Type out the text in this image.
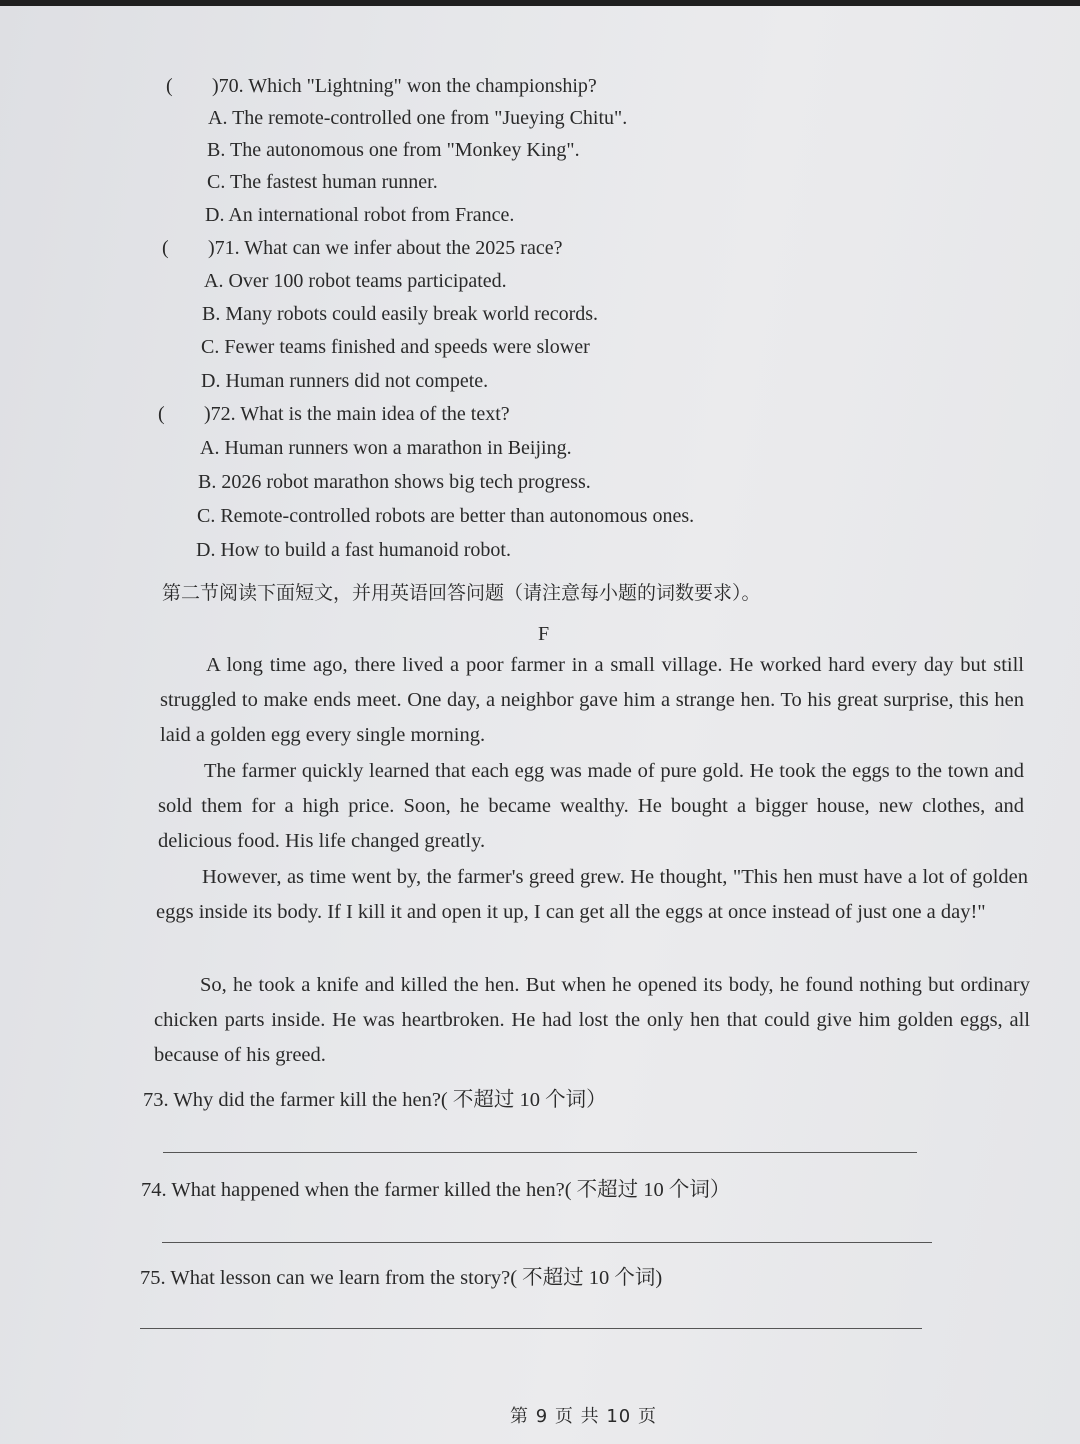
( )70. Which "Lightning" won the championship?
A. The remote-controlled one from "Jueying Chitu".
B. The autonomous one from "Monkey King".
C. The fastest human runner.
D. An international robot from France.
( )71. What can we infer about the 2025 race?
A. Over 100 robot teams participated.
B. Many robots could easily break world records.
C. Fewer teams finished and speeds were slower
D. Human runners did not compete.
( )72. What is the main idea of the text?
A. Human runners won a marathon in Beijing.
B. 2026 robot marathon shows big tech progress.
C. Remote-controlled robots are better than autonomous ones.
D. How to build a fast humanoid robot.
第二节阅读下面短文，并用英语回答问题（请注意每小题的词数要求）。
F
A long time ago, there lived a poor farmer in a small village. He worked hard every day but still struggled to make ends meet. One day, a neighbor gave him a strange hen. To his great surprise, this hen laid a golden egg every single morning.
The farmer quickly learned that each egg was made of pure gold. He took the eggs to the town and sold them for a high price. Soon, he became wealthy. He bought a bigger house, new clothes, and delicious food. His life changed greatly.
However, as time went by, the farmer's greed grew. He thought, "This hen must have a lot of golden eggs inside its body. If I kill it and open it up, I can get all the eggs at once instead of just one a day!"
So, he took a knife and killed the hen. But when he opened its body, he found nothing but ordinary chicken parts inside. He was heartbroken. He had lost the only hen that could give him golden eggs, all because of his greed.
73. Why did the farmer kill the hen?( 不超过 10 个词）
74. What happened when the farmer killed the hen?( 不超过 10 个词）
75. What lesson can we learn from the story?( 不超过 10 个词)
第 9 页 共 10 页
